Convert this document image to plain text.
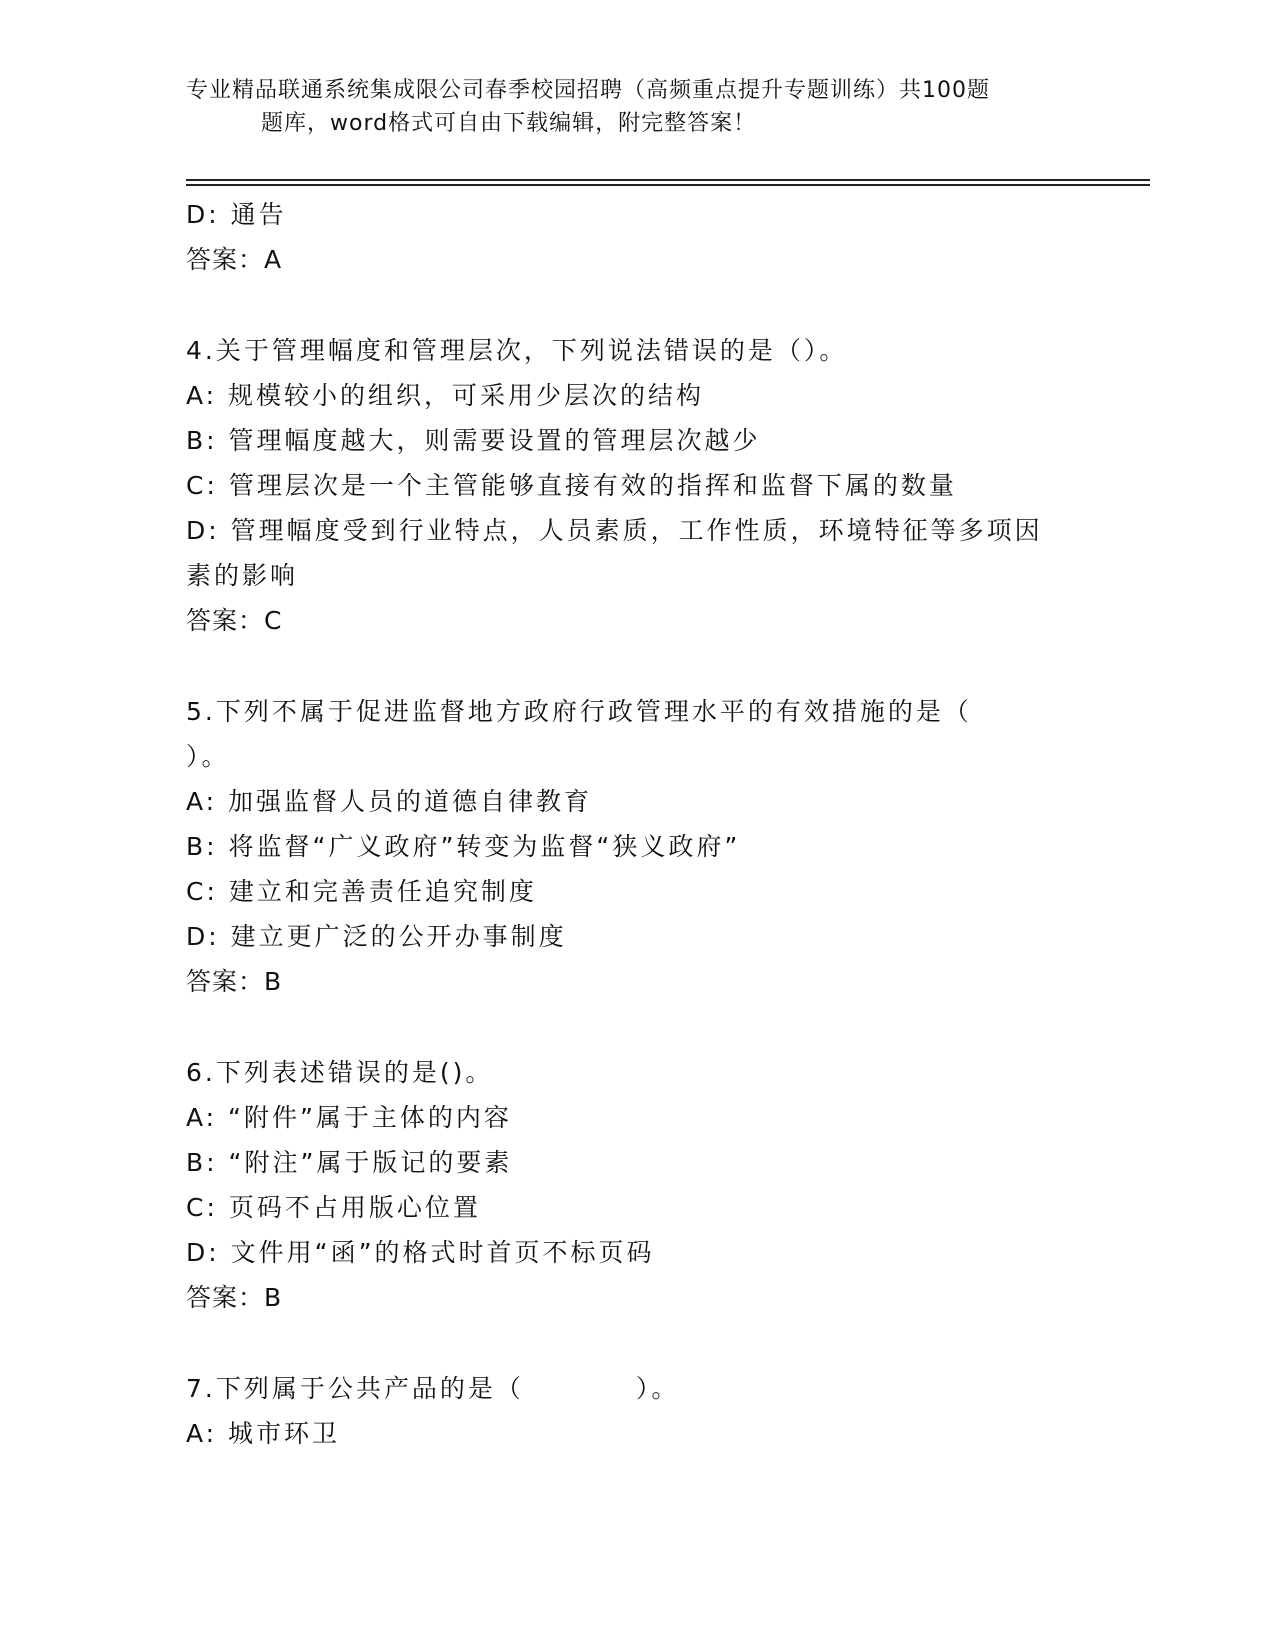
专业精品联通系统集成限公司春季校园招聘（高频重点提升专题训练）共100题
题库，word格式可自由下载编辑，附完整答案！
D: 通告
答案：A
4.关于管理幅度和管理层次，下列说法错误的是（）。
A: 规模较小的组织，可采用少层次的结构
B: 管理幅度越大，则需要设置的管理层次越少
C: 管理层次是一个主管能够直接有效的指挥和监督下属的数量
D: 管理幅度受到行业特点，人员素质，工作性质，环境特征等多项因
素的影响
答案：C
5.下列不属于促进监督地方政府行政管理水平的有效措施的是（
）。
A: 加强监督人员的道德自律教育
B: 将监督“广义政府”转变为监督“狭义政府”
C: 建立和完善责任追究制度
D: 建立更广泛的公开办事制度
答案：B
6.下列表述错误的是()。
A: “附件”属于主体的内容
B: “附注”属于版记的要素
C: 页码不占用版心位置
D: 文件用“函”的格式时首页不标页码
答案：B
7.下列属于公共产品的是（　　　　）。
A: 城市环卫
